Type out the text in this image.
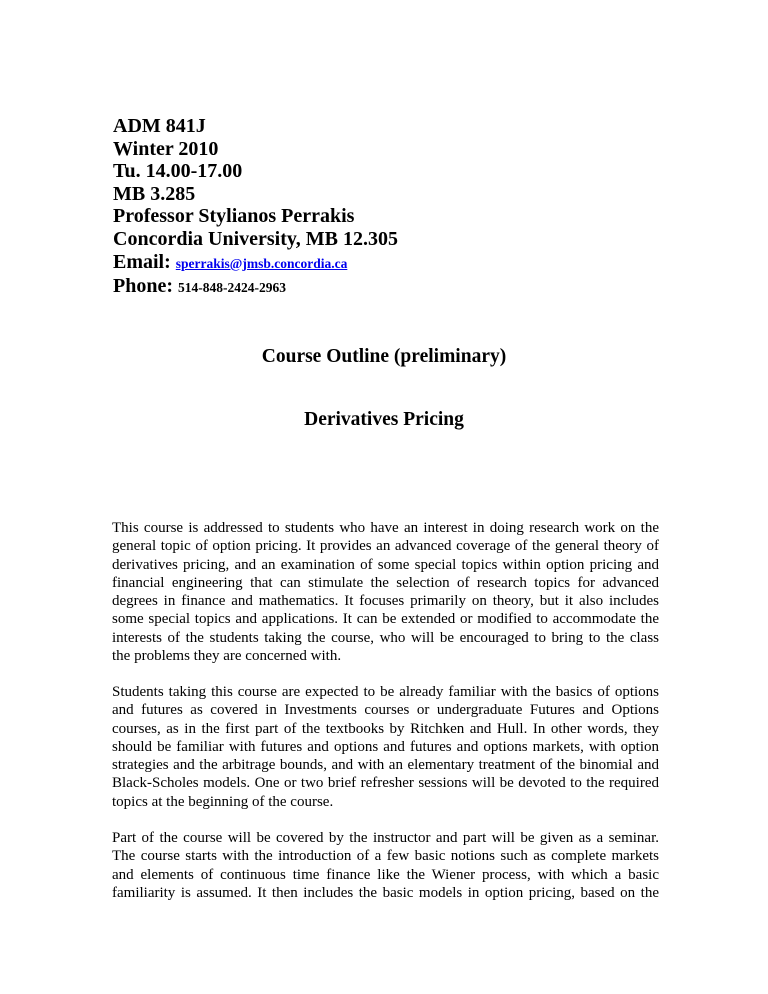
ADM 841J
Winter 2010
Tu. 14.00-17.00
MB 3.285
Professor Stylianos Perrakis
Concordia University, MB 12.305
Email: sperrakis@jmsb.concordia.ca
Phone: 514-848-2424-2963
Course Outline (preliminary)
Derivatives Pricing
This course is addressed to students who have an interest in doing research work on the
general topic of option pricing. It provides an advanced coverage of the general theory of
derivatives pricing, and an examination of some special topics within option pricing and
financial engineering that can stimulate the selection of research topics for advanced
degrees in finance and mathematics. It focuses primarily on theory, but it also includes
some special topics and applications. It can be extended or modified to accommodate the
interests of the students taking the course, who will be encouraged to bring to the class
the problems they are concerned with.
Students taking this course are expected to be already familiar with the basics of options
and futures as covered in Investments courses or undergraduate Futures and Options
courses, as in the first part of the textbooks by Ritchken and Hull. In other words, they
should be familiar with futures and options and futures and options markets, with option
strategies and the arbitrage bounds, and with an elementary treatment of the binomial and
Black-Scholes models. One or two brief refresher sessions will be devoted to the required
topics at the beginning of the course.
Part of the course will be covered by the instructor and part will be given as a seminar.
The course starts with the introduction of a few basic notions such as complete markets
and elements of continuous time finance like the Wiener process, with which a basic
familiarity is assumed. It then includes the basic models in option pricing, based on the
